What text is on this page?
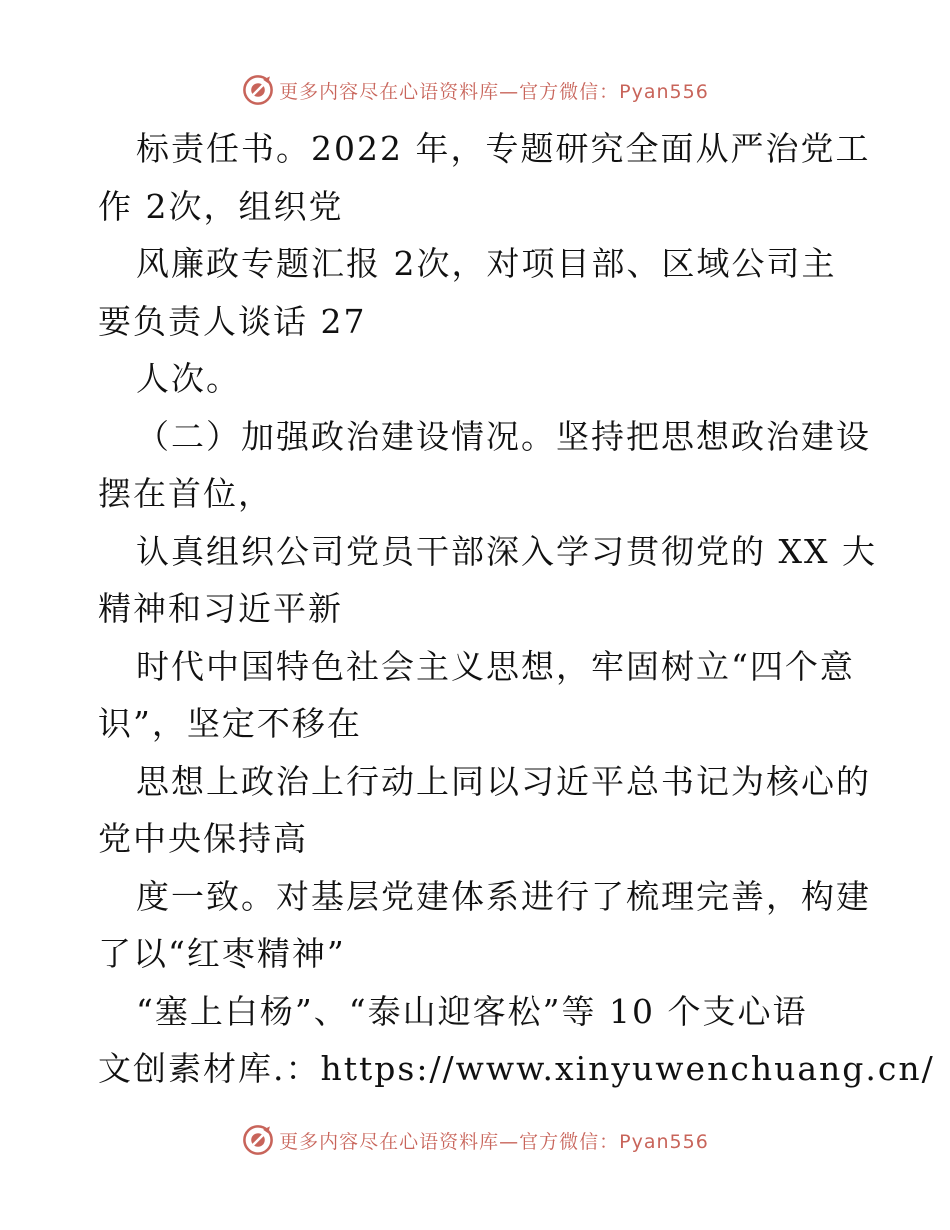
更多内容尽在心语资料库—官方微信：Pyan556

标责任书。2022 年，专题研究全面从严治党工

作 2次，组织党

风廉政专题汇报 2次，对项目部、区域公司主

要负责人谈话 27

人次。

（二）加强政治建设情况。坚持把思想政治建设

摆在首位，

认真组织公司党员干部深入学习贯彻党的 XX 大

精神和习近平新

时代中国特色社会主义思想，牢固树立“四个意

识”，坚定不移在

思想上政治上行动上同以习近平总书记为核心的

党中央保持高

度一致。对基层党建体系进行了梳理完善，构建

了以“红枣精神”

“塞上白杨”、“泰山迎客松”等 10 个支心语

文创素材库.：https://www.xinyuwenchuang.cn/

更多内容尽在心语资料库—官方微信：Pyan556
